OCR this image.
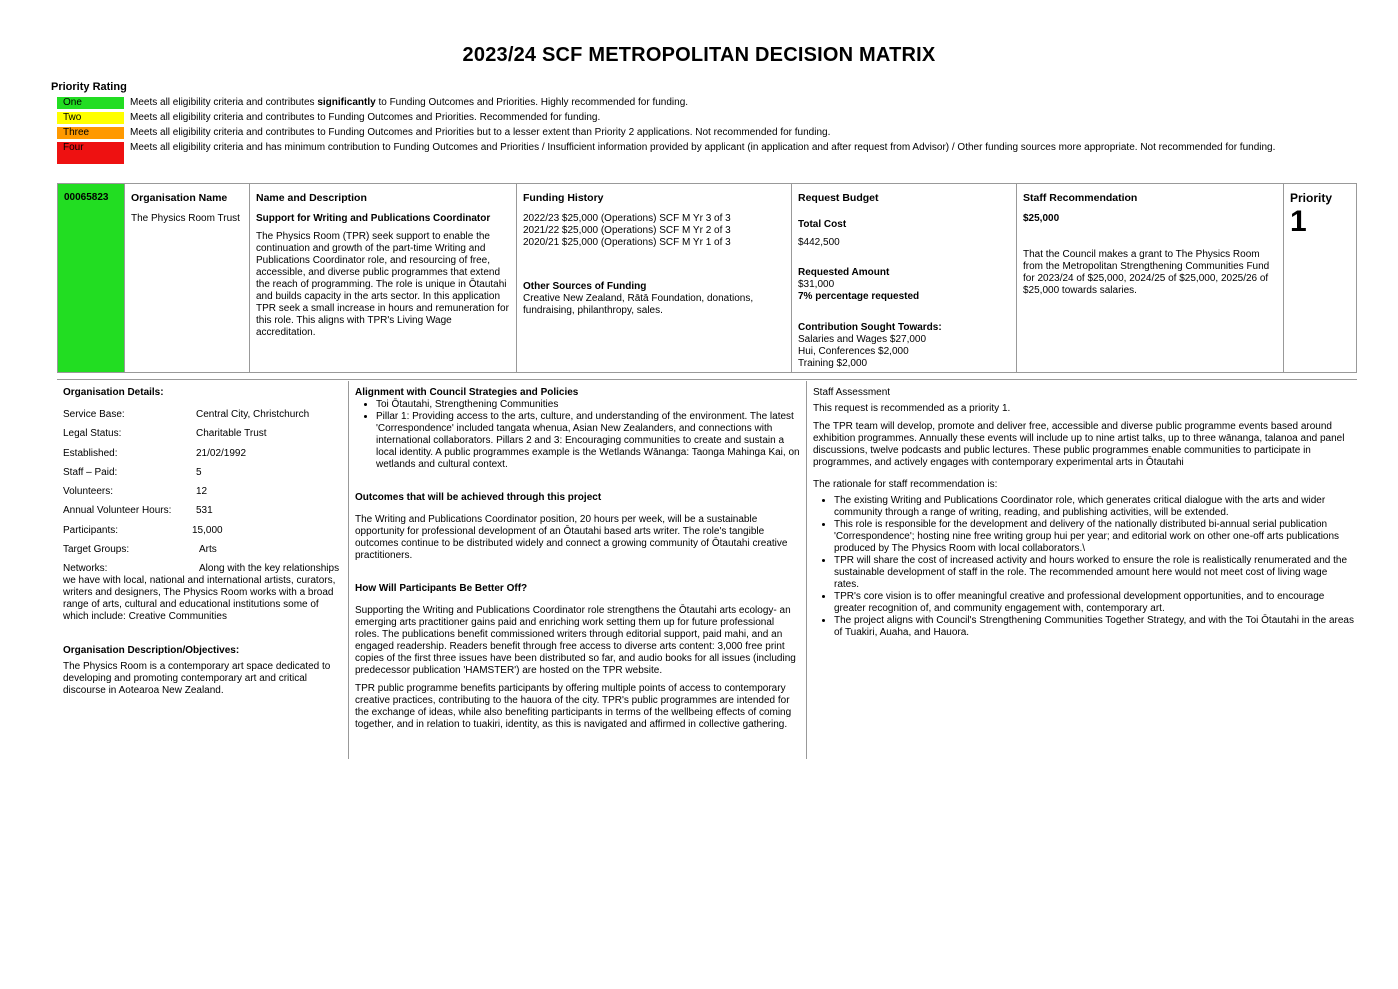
2023/24 SCF METROPOLITAN DECISION MATRIX
Priority Rating
One	Meets all eligibility criteria and contributes significantly to Funding Outcomes and Priorities. Highly recommended for funding.
Two	Meets all eligibility criteria and contributes to Funding Outcomes and Priorities. Recommended for funding.
Three	Meets all eligibility criteria and contributes to Funding Outcomes and Priorities but to a lesser extent than Priority 2 applications. Not recommended for funding.
Four	Meets all eligibility criteria and has minimum contribution to Funding Outcomes and Priorities / Insufficient information provided by applicant (in application and after request from Advisor) / Other funding sources more appropriate. Not recommended for funding.
00065823	Organisation Name
The Physics Room Trust

Name and Description
Support for Writing and Publications Coordinator
The Physics Room (TPR) seek support to enable the continuation and growth of the part-time Writing and Publications Coordinator role, and resourcing of free, accessible, and diverse public programmes that extend the reach of programming. The role is unique in Ōtautahi and builds capacity in the arts sector. In this application TPR seek a small increase in hours and remuneration for this role. This aligns with TPR's Living Wage accreditation.

Funding History
2022/23 $25,000 (Operations) SCF M Yr 3 of 3
2021/22 $25,000 (Operations) SCF M Yr 2 of 3
2020/21 $25,000 (Operations) SCF M Yr 1 of 3
Other Sources of Funding
Creative New Zealand, Rātā Foundation, donations, fundraising, philanthropy, sales.

Request Budget
Total Cost
$442,500
Requested Amount
$31,000
7% percentage requested
Contribution Sought Towards:
Salaries and Wages $27,000
Hui, Conferences $2,000
Training $2,000

Staff Recommendation
$25,000
That the Council makes a grant to The Physics Room from the Metropolitan Strengthening Communities Fund for 2023/24 of $25,000, 2024/25 of $25,000, 2025/26 of $25,000 towards salaries.

Priority
1
Organisation Details:
Service Base:	Central City, Christchurch
Legal Status:	Charitable Trust
Established:	21/02/1992
Staff – Paid:	5
Volunteers:	12
Annual Volunteer Hours:	531
Participants:	15,000
Target Groups:	Arts

Networks:	Along with the key relationships we have with local, national and international artists, curators, writers and designers, The Physics Room works with a broad range of arts, cultural and educational institutions some of which include: Creative Communities

Organisation Description/Objectives:

The Physics Room is a contemporary art space dedicated to developing and promoting contemporary art and critical discourse in Aotearoa New Zealand.

Alignment with Council Strategies and Policies
• Toi Ōtautahi, Strengthening Communities
• Pillar 1: Providing access to the arts, culture, and understanding of the environment. The latest 'Correspondence' included tangata whenua, Asian New Zealanders, and connections with international collaborators. Pillars 2 and 3: Encouraging communities to create and sustain a local identity. A public programmes example is the Wetlands Wānanga: Taonga Mahinga Kai, on wetlands and cultural context.
Outcomes that will be achieved through this project

The Writing and Publications Coordinator position, 20 hours per week, will be a sustainable opportunity for professional development of an Ōtautahi based arts writer. The role's tangible outcomes continue to be distributed widely and connect a growing community of Ōtautahi creative practitioners.

How Will Participants Be Better Off?

Supporting the Writing and Publications Coordinator role strengthens the Ōtautahi arts ecology- an emerging arts practitioner gains paid and enriching work setting them up for future professional roles. The publications benefit commissioned writers through editorial support, paid mahi, and an engaged readership. Readers benefit through free access to diverse arts content: 3,000 free print copies of the first three issues have been distributed so far, and audio books for all issues (including predecessor publication 'HAMSTER') are hosted on the TPR website.

TPR public programme benefits participants by offering multiple points of access to contemporary creative practices, contributing to the hauora of the city. TPR's public programmes are intended for the exchange of ideas, while also benefiting participants in terms of the wellbeing effects of coming together, and in relation to tuakiri, identity, as this is navigated and affirmed in collective gathering.

Staff Assessment

This request is recommended as a priority 1.

The TPR team will develop, promote and deliver free, accessible and diverse public programme events based around exhibition programmes. Annually these events will include up to nine artist talks, up to three wānanga, talanoa and panel discussions, twelve podcasts and public lectures. These public programmes enable communities to participate in programmes, and actively engages with contemporary experimental arts in Ōtautahi

The rationale for staff recommendation is:

• The existing Writing and Publications Coordinator role, which generates critical dialogue with the arts and wider community through a range of writing, reading, and publishing activities, will be extended.
• This role is responsible for the development and delivery of the nationally distributed bi-annual serial publication 'Correspondence'; hosting nine free writing group hui per year; and editorial work on other one-off arts publications produced by The Physics Room with local collaborators.\
• TPR will share the cost of increased activity and hours worked to ensure the role is realistically renumerated and the sustainable development of staff in the role. The recommended amount here would not meet cost of living wage rates.
• TPR's core vision is to offer meaningful creative and professional development opportunities, and to encourage greater recognition of, and community engagement with, contemporary art.
• The project aligns with Council's Strengthening Communities Together Strategy, and with the Toi Ōtautahi in the areas of Tuakiri, Auaha, and Hauora.
